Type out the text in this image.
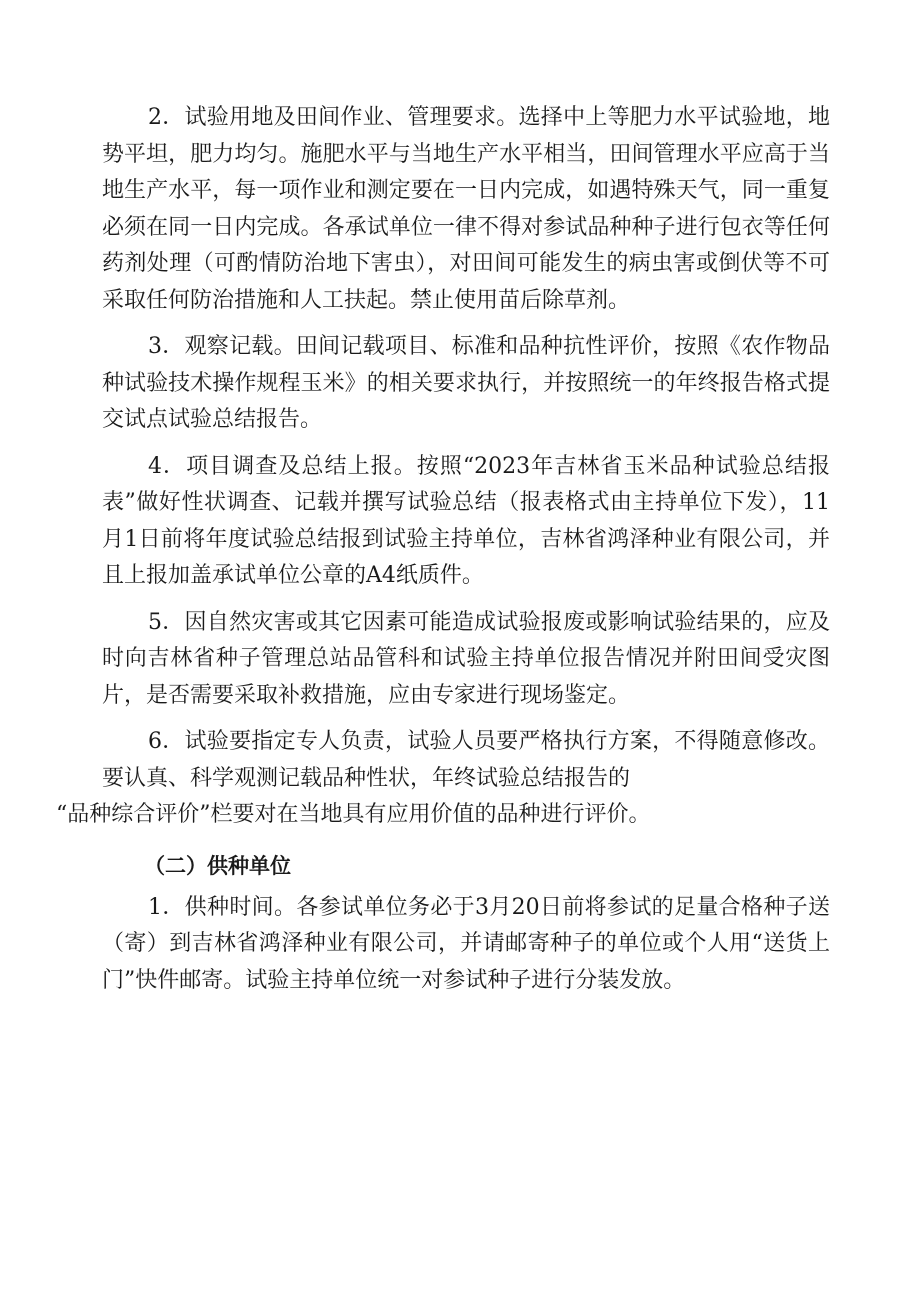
2．试验用地及田间作业、管理要求。选择中上等肥力水平试验地，地势平坦，肥力均匀。施肥水平与当地生产水平相当，田间管理水平应高于当地生产水平，每一项作业和测定要在一日内完成，如遇特殊天气，同一重复必须在同一日内完成。各承试单位一律不得对参试品种种子进行包衣等任何药剂处理（可酌情防治地下害虫），对田间可能发生的病虫害或倒伏等不可采取任何防治措施和人工扶起。禁止使用苗后除草剂。

3．观察记载。田间记载项目、标准和品种抗性评价，按照《农作物品种试验技术操作规程玉米》的相关要求执行，并按照统一的年终报告格式提交试点试验总结报告。

4．项目调查及总结上报。按照“2023年吉林省玉米品种试验总结报表”做好性状调查、记载并撰写试验总结（报表格式由主持单位下发），11月1日前将年度试验总结报到试验主持单位，吉林省鸿泽种业有限公司，并且上报加盖承试单位公章的A4纸质件。

5．因自然灾害或其它因素可能造成试验报废或影响试验结果的，应及时向吉林省种子管理总站品管科和试验主持单位报告情况并附田间受灾图片，是否需要采取补救措施，应由专家进行现场鉴定。

6．试验要指定专人负责，试验人员要严格执行方案，不得随意修改。要认真、科学观测记载品种性状，年终试验总结报告的
“品种综合评价”栏要对在当地具有应用价值的品种进行评价。

（二）供种单位

1．供种时间。各参试单位务必于3月20日前将参试的足量合格种子送（寄）到吉林省鸿泽种业有限公司，并请邮寄种子的单位或个人用“送货上门”快件邮寄。试验主持单位统一对参试种子进行分装发放。
